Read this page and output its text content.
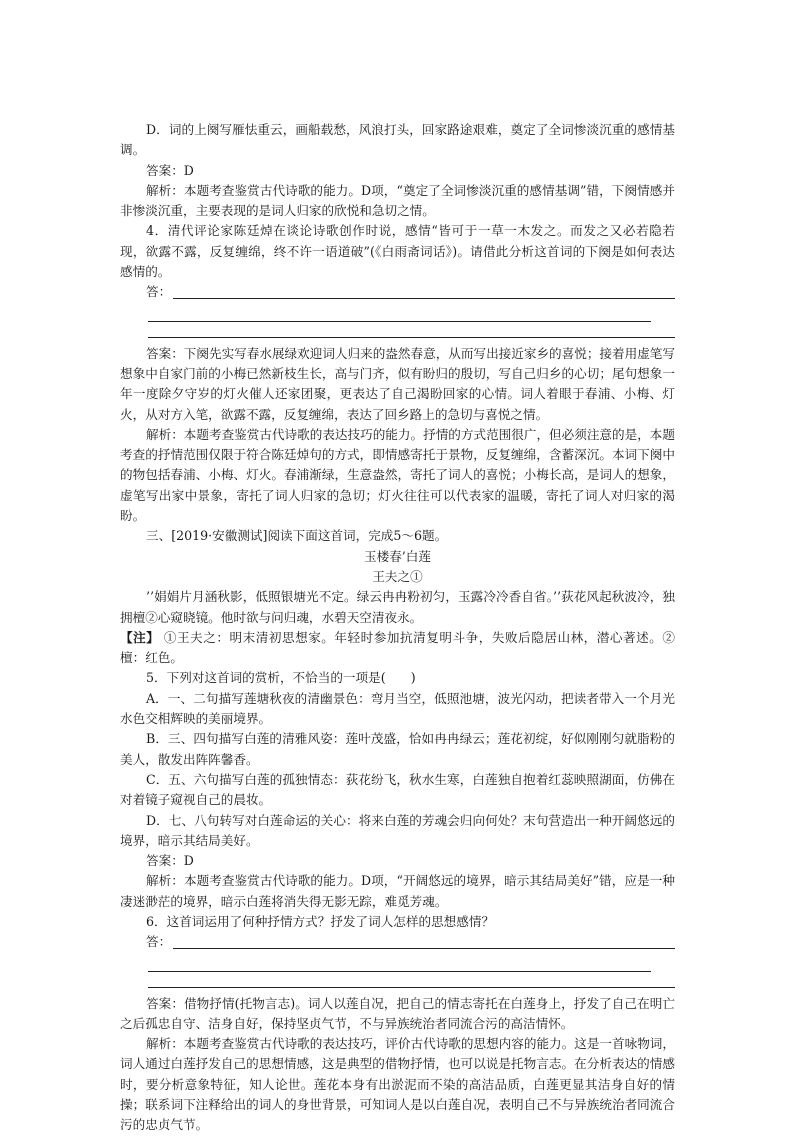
D．词的上阕写雁怯重云，画船载愁，风浪打头，回家路途艰难，奠定了全词惨淡沉重的感情基调。

答案：D

解析：本题考查鉴赏古代诗歌的能力。D项，“奠定了全词惨淡沉重的感情基调”错，下阕情感并非惨淡沉重，主要表现的是词人归家的欣悦和急切之情。

4．清代评论家陈廷焯在谈论诗歌创作时说，感情“皆可于一草一木发之。而发之又必若隐若现，欲露不露，反复缠绵，终不许一语道破”(《白雨斋词话》)。请借此分析这首词的下阕是如何表达感情的。

答：

答案：下阕先实写春水展绿欢迎词人归来的盎然春意，从而写出接近家乡的喜悦；接着用虚笔写想象中自家门前的小梅已然新枝生长，高与门齐，似有盼归的殷切，写自己归乡的心切；尾句想象一年一度除夕守岁的灯火催人还家团聚，更表达了自己渴盼回家的心情。词人着眼于春浦、小梅、灯火，从对方入笔，欲露不露，反复缠绵，表达了回乡路上的急切与喜悦之情。

解析：本题考查鉴赏古代诗歌的表达技巧的能力。抒情的方式范围很广，但必须注意的是，本题考查的抒情范围仅限于符合陈廷焯句的方式，即情感寄托于景物，反复缠绵，含蓄深沉。本词下阕中的物包括春浦、小梅、灯火。春浦渐绿，生意盎然，寄托了词人的喜悦；小梅长高，是词人的想象，虚笔写出家中景象，寄托了词人归家的急切；灯火往往可以代表家的温暖，寄托了词人对归家的渴盼。

三、[2019·安徽测试]阅读下面这首词，完成5～6题。

玉楼春’白莲

王夫之①

’’娟娟片月涵秋影，低照银塘光不定。绿云冉冉粉初匀，玉露冷冷香自省。’’荻花风起秋波冷，独拥檀②心窥晓镜。他时欲与问归魂，水碧天空清夜永。

【注】 ①王夫之：明末清初思想家。年轻时参加抗清复明斗争，失败后隐居山林，潜心著述。②檀：红色。

5．下列对这首词的赏析，不恰当的一项是(　　)

A．一、二句描写莲塘秋夜的清幽景色：弯月当空，低照池塘，波光闪动，把读者带入一个月光水色交相辉映的美丽境界。

B．三、四句描写白莲的清雅风姿：莲叶茂盛，恰如冉冉绿云；莲花初绽，好似刚刚匀就脂粉的美人，散发出阵阵馨香。

C．五、六句描写白莲的孤独情态：荻花纷飞，秋水生寒，白莲独自抱着红蕊映照湖面，仿佛在对着镜子窥视自己的晨妆。

D．七、八句转写对白莲命运的关心：将来白莲的芳魂会归向何处？末句营造出一种开阔悠远的境界，暗示其结局美好。

答案：D

解析：本题考查鉴赏古代诗歌的能力。D项，“开阔悠远的境界，暗示其结局美好”错，应是一种凄迷渺茫的境界，暗示白莲将消失得无影无踪，难觅芳魂。

6．这首词运用了何种抒情方式？抒发了词人怎样的思想感情？

答：

答案：借物抒情(托物言志)。词人以莲自况，把自己的情志寄托在白莲身上，抒发了自己在明亡之后孤忠自守、洁身自好，保持坚贞气节，不与异族统治者同流合污的高洁情怀。

解析：本题考查鉴赏古代诗歌的表达技巧，评价古代诗歌的思想内容的能力。这是一首咏物词，词人通过白莲抒发自己的思想情感，这是典型的借物抒情，也可以说是托物言志。在分析表达的情感时，要分析意象特征，知人论世。莲花本身有出淤泥而不染的高洁品质，白莲更显其洁身自好的情操；联系词下注释给出的词人的身世背景，可知词人是以白莲自况，表明自己不与异族统治者同流合污的忠贞气节。
